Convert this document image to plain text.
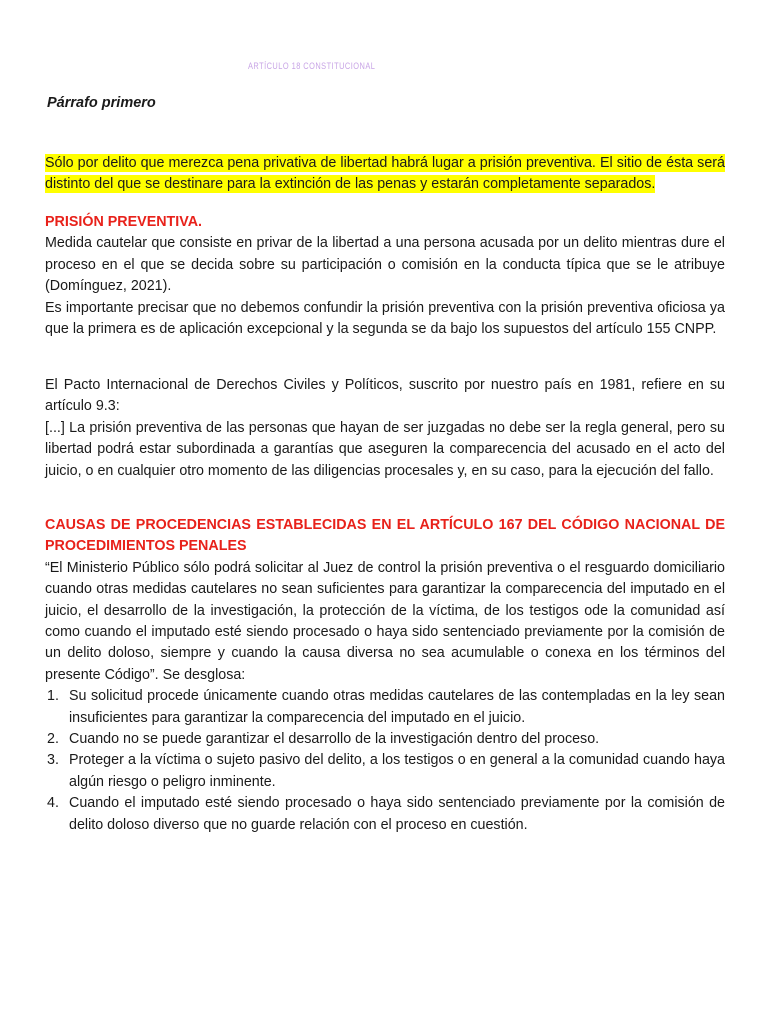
ARTÍCULO 18 CONSTITUCIONAL
Párrafo primero

Sólo por delito que merezca pena privativa de libertad habrá lugar a prisión preventiva. El sitio de ésta será distinto del que se destinare para la extinción de las penas y estarán completamente separados.

PRISIÓN PREVENTIVA.

Medida cautelar que consiste en privar de la libertad a una persona acusada por un delito mientras dure el proceso en el que se decida sobre su participación o comisión en la conducta típica que se le atribuye (Domínguez, 2021).

Es importante precisar que no debemos confundir la prisión preventiva con la prisión preventiva oficiosa ya que la primera es de aplicación excepcional y la segunda se da bajo los supuestos del artículo 155 CNPP.

El Pacto Internacional de Derechos Civiles y Políticos, suscrito por nuestro país en 1981, refiere en su artículo 9.3:

[...] La prisión preventiva de las personas que hayan de ser juzgadas no debe ser la regla general, pero su libertad podrá estar subordinada a garantías que aseguren la comparecencia del acusado en el acto del juicio, o en cualquier otro momento de las diligencias procesales y, en su caso, para la ejecución del fallo.

CAUSAS DE PROCEDENCIAS ESTABLECIDAS EN EL ARTÍCULO 167 DEL CÓDIGO NACIONAL DE PROCEDIMIENTOS PENALES

“El Ministerio Público sólo podrá solicitar al Juez de control la prisión preventiva o el resguardo domiciliario cuando otras medidas cautelares no sean suficientes para garantizar la comparecencia del imputado en el juicio, el desarrollo de la investigación, la protección de la víctima, de los testigos ode la comunidad así como cuando el imputado esté siendo procesado o haya sido sentenciado previamente por la comisión de un delito doloso, siempre y cuando la causa diversa no sea acumulable o conexa en los términos del presente Código”. Se desglosa:

1. Su solicitud procede únicamente cuando otras medidas cautelares de las contempladas en la ley sean insuficientes para garantizar la comparecencia del imputado en el juicio.
2. Cuando no se puede garantizar el desarrollo de la investigación dentro del proceso.
3. Proteger a la víctima o sujeto pasivo del delito, a los testigos o en general a la comunidad cuando haya algún riesgo o peligro inminente.
4. Cuando el imputado esté siendo procesado o haya sido sentenciado previamente por la comisión de delito doloso diverso que no guarde relación con el proceso en cuestión.
